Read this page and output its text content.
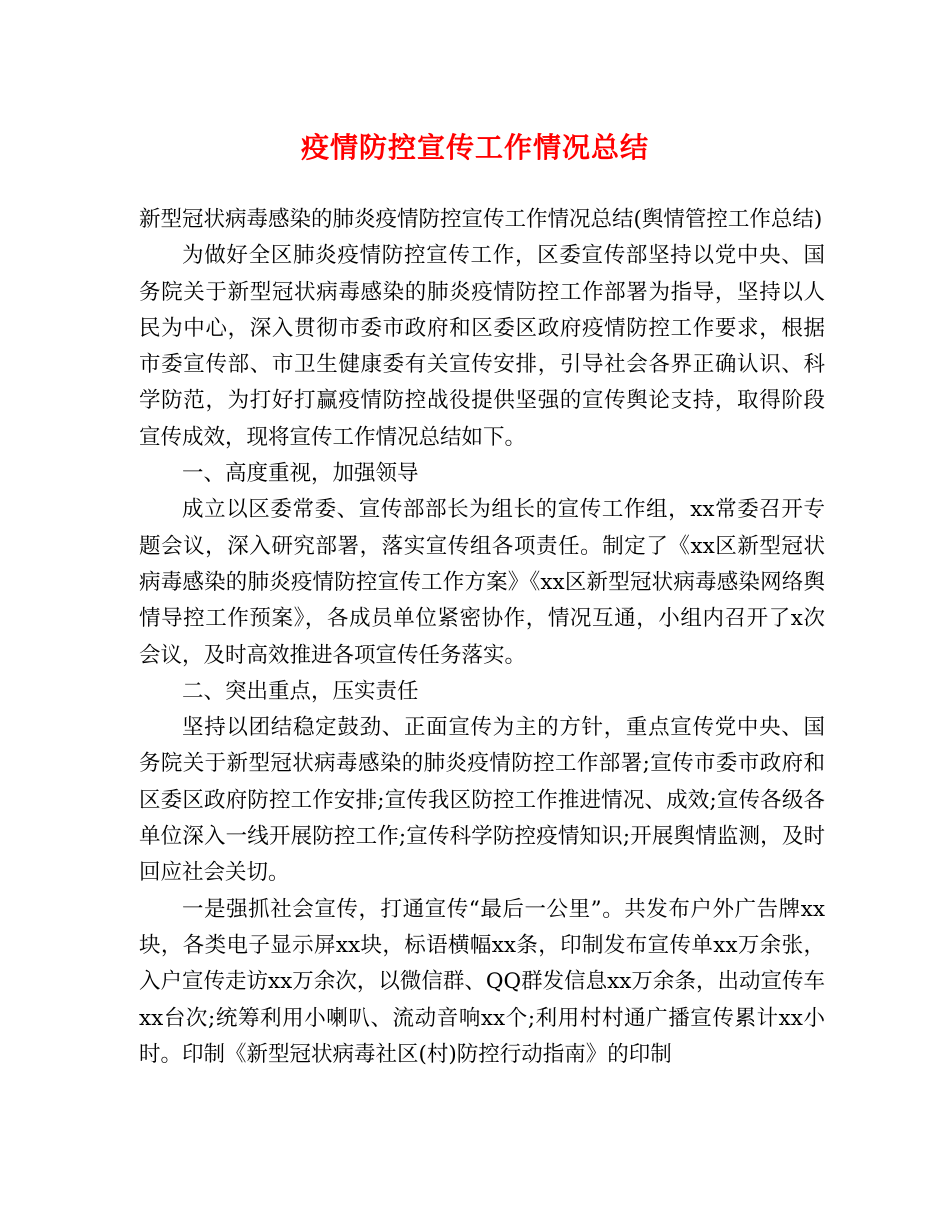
疫情防控宣传工作情况总结

新型冠状病毒感染的肺炎疫情防控宣传工作情况总结(舆情管控工作总结)

为做好全区肺炎疫情防控宣传工作，区委宣传部坚持以党中央、国务院关于新型冠状病毒感染的肺炎疫情防控工作部署为指导，坚持以人民为中心，深入贯彻市委市政府和区委区政府疫情防控工作要求，根据市委宣传部、市卫生健康委有关宣传安排，引导社会各界正确认识、科学防范，为打好打赢疫情防控战役提供坚强的宣传舆论支持，取得阶段宣传成效，现将宣传工作情况总结如下。

一、高度重视，加强领导

成立以区委常委、宣传部部长为组长的宣传工作组，xx常委召开专题会议，深入研究部署，落实宣传组各项责任。制定了《xx区新型冠状病毒感染的肺炎疫情防控宣传工作方案》《xx区新型冠状病毒感染网络舆情导控工作预案》，各成员单位紧密协作，情况互通，小组内召开了x次会议，及时高效推进各项宣传任务落实。

二、突出重点，压实责任

坚持以团结稳定鼓劲、正面宣传为主的方针，重点宣传党中央、国务院关于新型冠状病毒感染的肺炎疫情防控工作部署;宣传市委市政府和区委区政府防控工作安排;宣传我区防控工作推进情况、成效;宣传各级各单位深入一线开展防控工作;宣传科学防控疫情知识;开展舆情监测，及时回应社会关切。

一是强抓社会宣传，打通宣传“最后一公里”。共发布户外广告牌xx块，各类电子显示屏xx块，标语横幅xx条，印制发布宣传单xx万余张，入户宣传走访xx万余次，以微信群、QQ群发信息xx万余条，出动宣传车xx台次;统筹利用小喇叭、流动音响xx个;利用村村通广播宣传累计xx小时。印制《新型冠状病毒社区(村)防控行动指南》的印制
